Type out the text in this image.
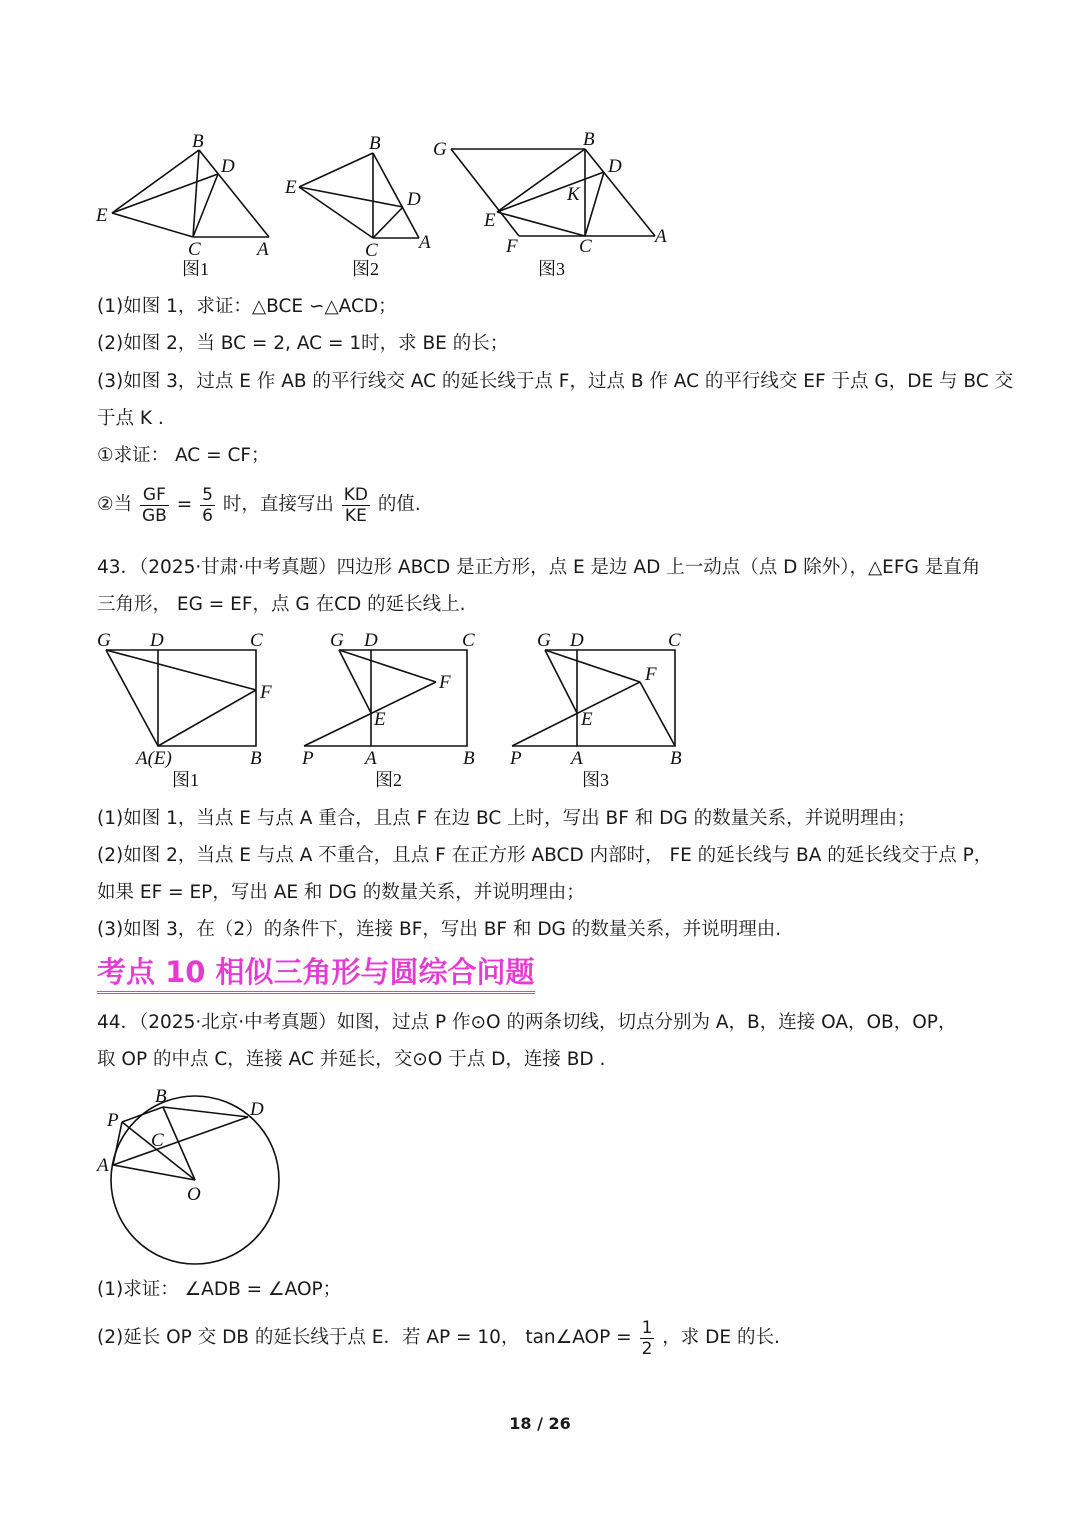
B
D
E
C	A
图1
B
E
D
C A
图2
G	B
D
K
E
F	C	A
图3
(1)如图 1，求证：△BCE ∽△ACD；
(2)如图 2，当 BC = 2, AC = 1时，求 BE 的长；
(3)如图 3，过点 E 作 AB 的平行线交 AC 的延长线于点 F，过点 B 作 AC 的平行线交 EF 于点 G，DE 与 BC 交
于点 K .
①求证： AC = CF；
②当 $\frac{GF}{GB} = \frac{5}{6}$ 时，直接写出 $\frac{KD}{KE}$ 的值.
43．（2025·甘肃·中考真题）四边形 ABCD 是正方形，点 E 是边 AD 上一动点（点 D 除外），△EFG 是直角
三角形， EG = EF，点 G 在CD 的延长线上.
G D	C
F
A(E)	B
图1
G D	C
F
E
P	A	B
图2
G D	C
F
E
P	A	B
图3
(1)如图 1，当点 E 与点 A 重合，且点 F 在边 BC 上时，写出 BF 和 DG 的数量关系，并说明理由；
(2)如图 2，当点 E 与点 A 不重合，且点 F 在正方形 ABCD 内部时， FE 的延长线与 BA 的延长线交于点 P，
如果 EF = EP，写出 AE 和 DG 的数量关系，并说明理由；
(3)如图 3，在（2）的条件下，连接 BF，写出 BF 和 DG 的数量关系，并说明理由.
考点 10 相似三角形与圆综合问题
44．（2025·北京·中考真题）如图，过点 P 作⊙O 的两条切线，切点分别为 A，B，连接 OA，OB，OP，
取 OP 的中点 C，连接 AC 并延长，交⊙O 于点 D，连接 BD .
B
D
P
C
A
O
(1)求证： ∠ADB = ∠AOP；
(2)延长 OP 交 DB 的延长线于点 E．若 AP = 10， tan∠AOP = $\frac{1}{2}$ ，求 DE 的长.
18 / 26
